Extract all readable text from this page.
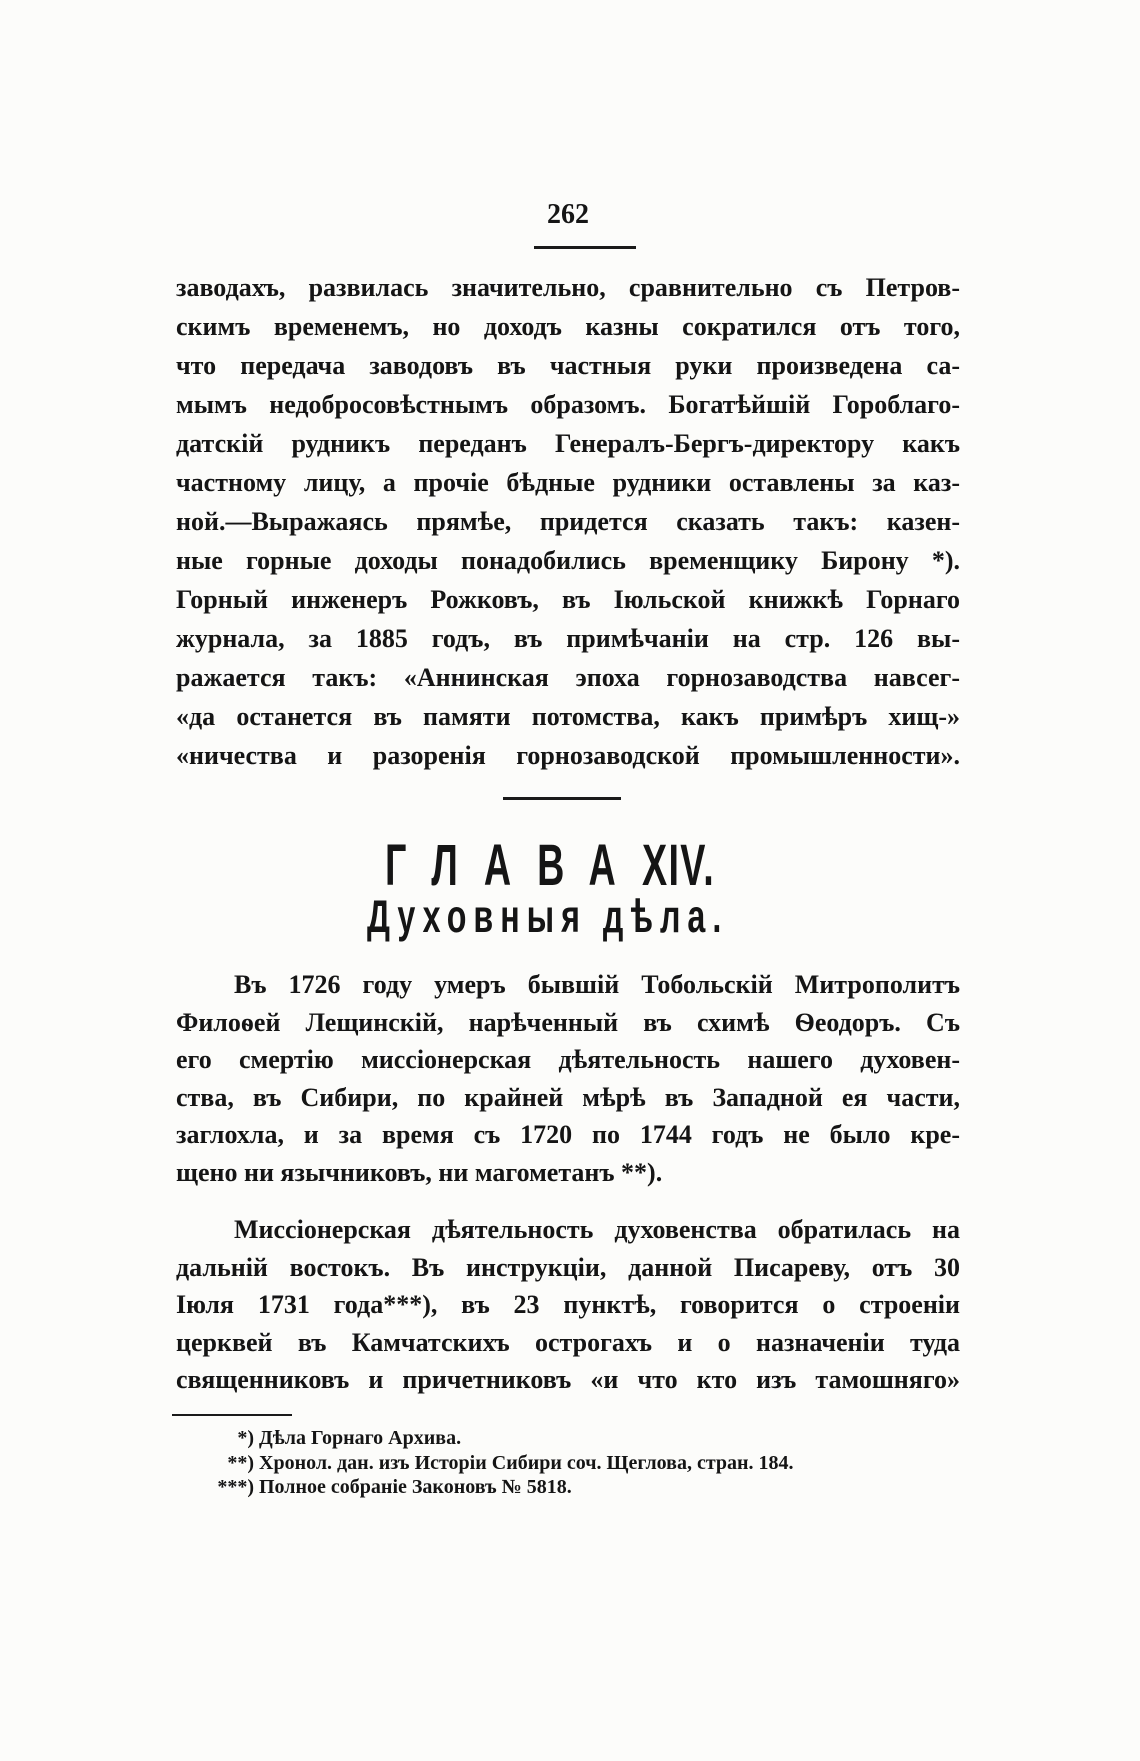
262
заводахъ, развилась значительно, сравнительно съ Петров-
скимъ временемъ, но доходъ казны сократился отъ того,
что передача заводовъ въ частныя руки произведена са-
мымъ недобросовѣстнымъ образомъ. Богатѣйшій Гороблаго-
датскій рудникъ переданъ Генералъ-Бергъ-директору какъ
частному лицу, а прочіе бѣдные рудники оставлены за каз-
ной.—Выражаясь прямѣе, придется сказать такъ: казен-
ные горные доходы понадобились временщику Бирону *).
Горный инженеръ Рожковъ, въ Іюльской книжкѣ Горнаго
журнала, за 1885 годъ, въ примѣчаніи на стр. 126 вы-
ражается такъ: «Аннинская эпоха горнозаводства навсег-
«да останется въ памяти потомства, какъ примѣръ хищ-»
«ничества и разоренія горнозаводской промышленности».
ГЛАВА XIV.
Духовныя дѣла.
Въ 1726 году умеръ бывшій Тобольскій Митрополитъ
Филоѳей Лещинскій, нарѣченный въ схимѣ Ѳеодоръ. Съ
его смертію миссіонерская дѣятельность нашего духовен-
ства, въ Сибири, по крайней мѣрѣ въ Западной ея части,
заглохла, и за время съ 1720 по 1744 годъ не было кре-
щено ни язычниковъ, ни магометанъ **).
Миссіонерская дѣятельность духовенства обратилась на
дальній востокъ. Въ инструкціи, данной Писареву, отъ 30
Іюля 1731 года***), въ 23 пунктѣ, говорится о строеніи
церквей въ Камчатскихъ острогахъ и о назначеніи туда
священниковъ и причетниковъ «и что кто изъ тамошняго»
*) Дѣла Горнаго Архива.
**) Хронол. дан. изъ Исторіи Сибири соч. Щеглова, стран. 184.
***) Полное собраніе Законовъ № 5818.
